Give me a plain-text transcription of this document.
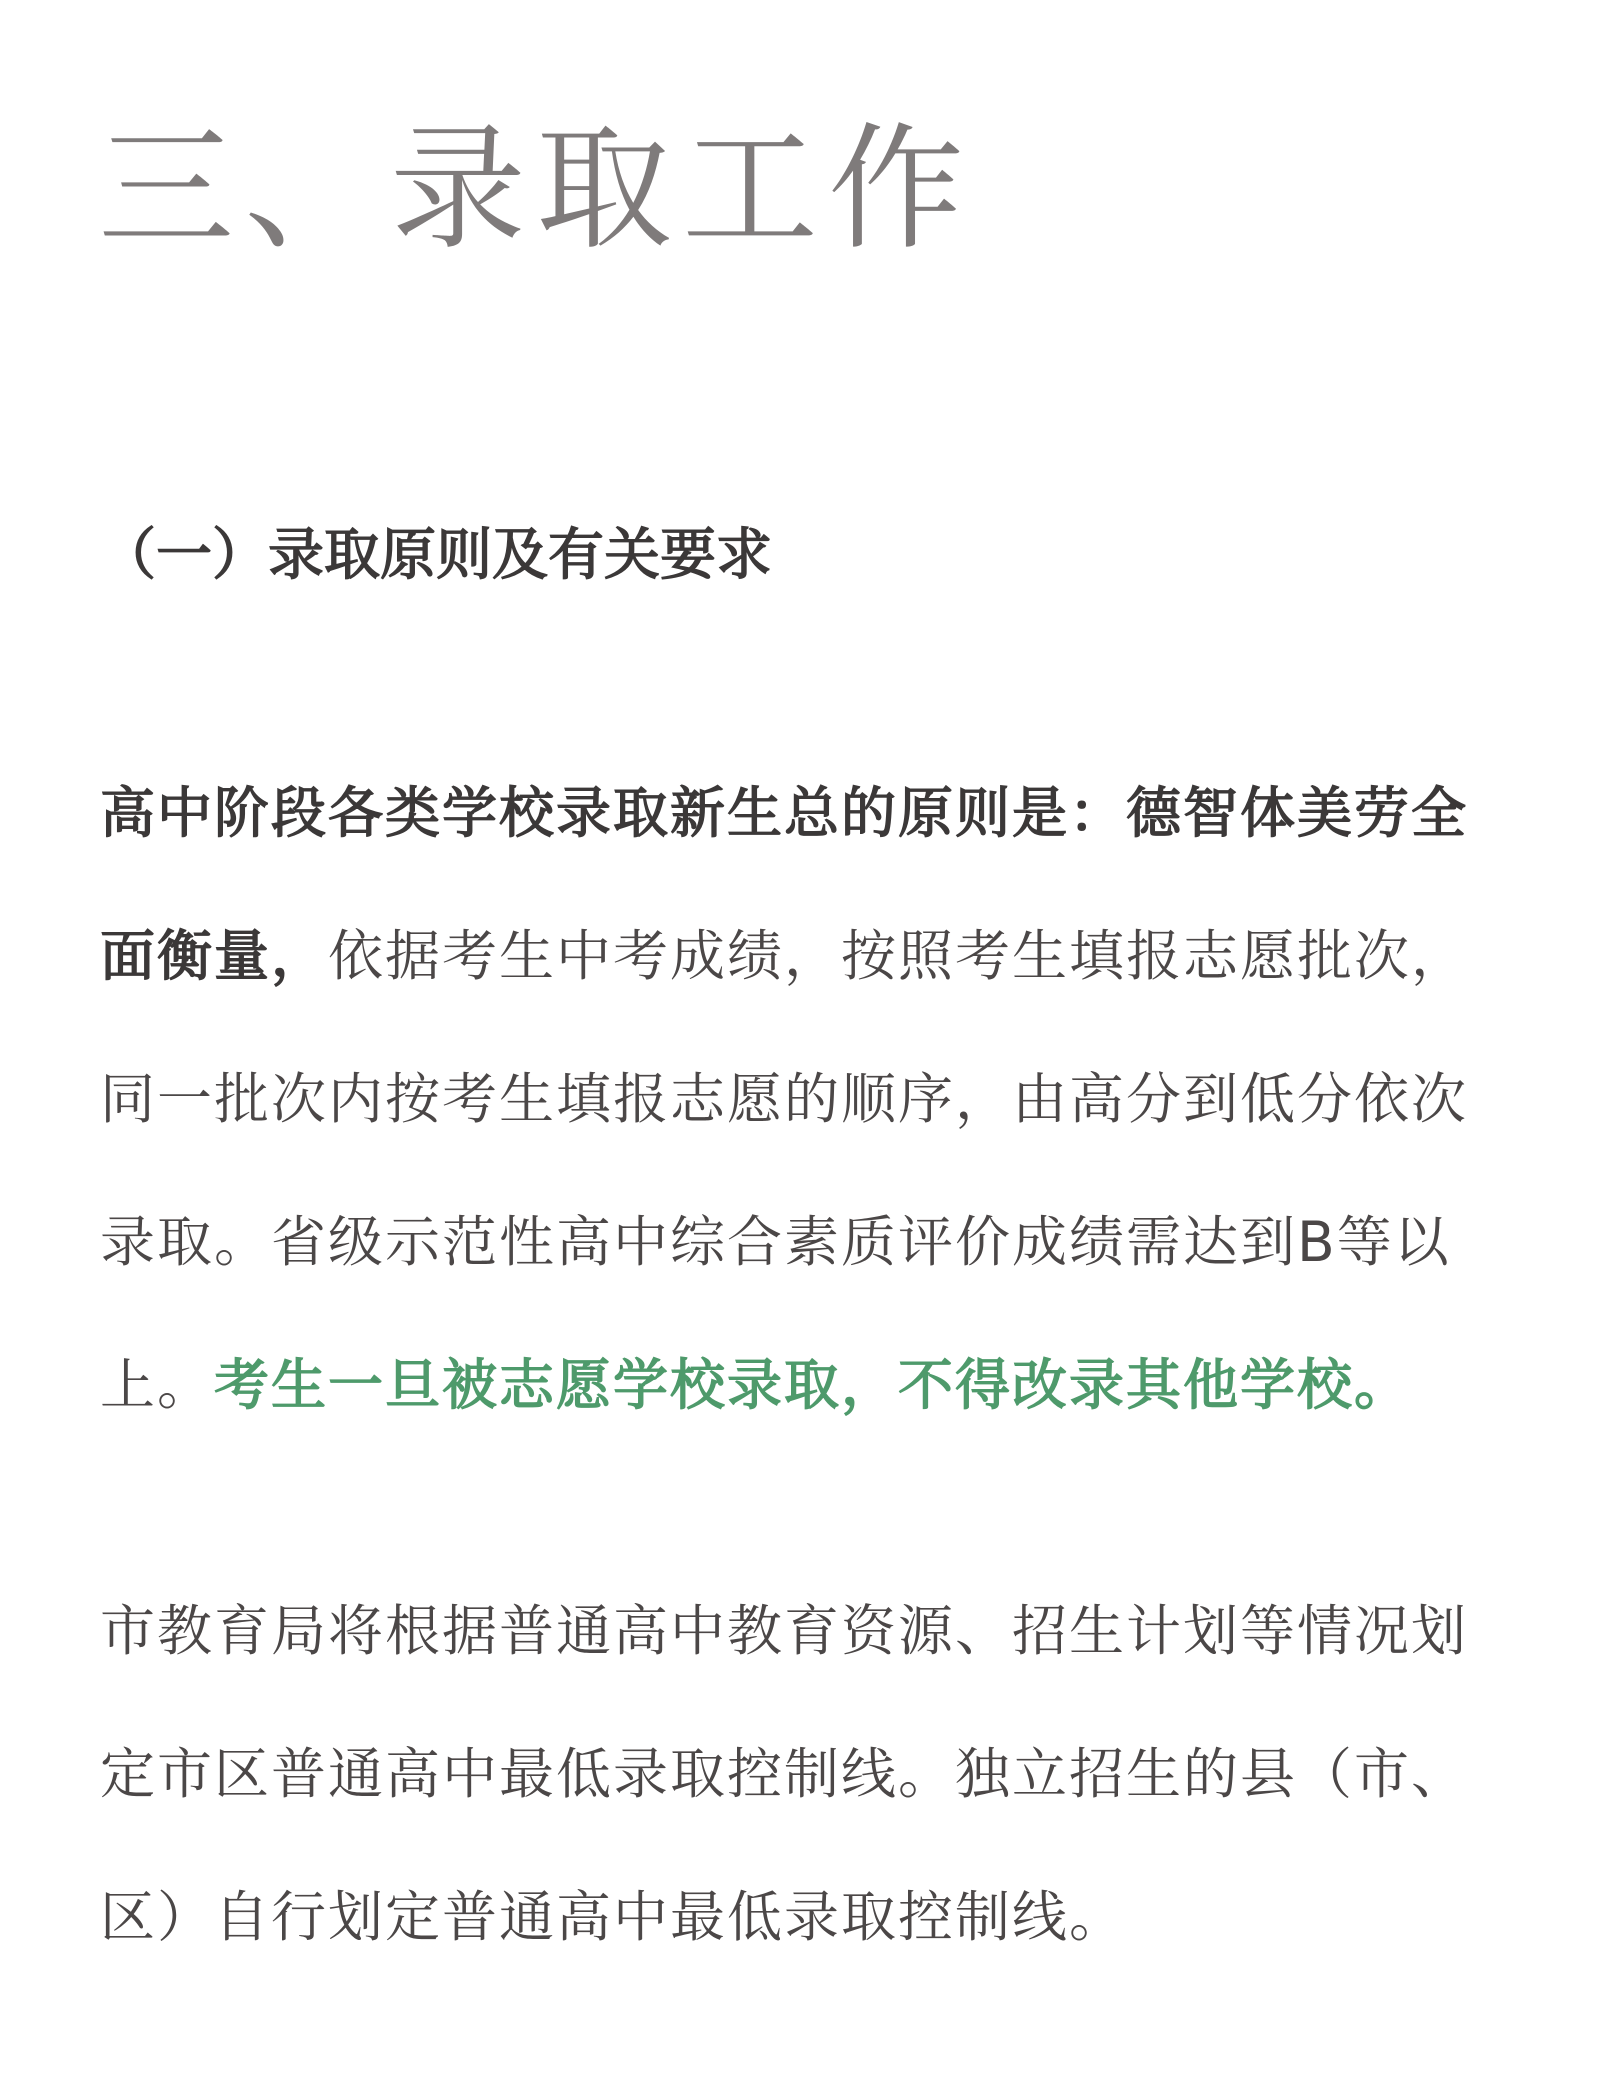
三、录取工作
（一）录取原则及有关要求

高中阶段各类学校录取新生总的原则是：德智体美劳全面衡量，依据考生中考成绩，按照考生填报志愿批次，同一批次内按考生填报志愿的顺序，由高分到低分依次录取。省级示范性高中综合素质评价成绩需达到B等以上。考生一旦被志愿学校录取，不得改录其他学校。

市教育局将根据普通高中教育资源、招生计划等情况划定市区普通高中最低录取控制线。独立招生的县（市、区）自行划定普通高中最低录取控制线。
